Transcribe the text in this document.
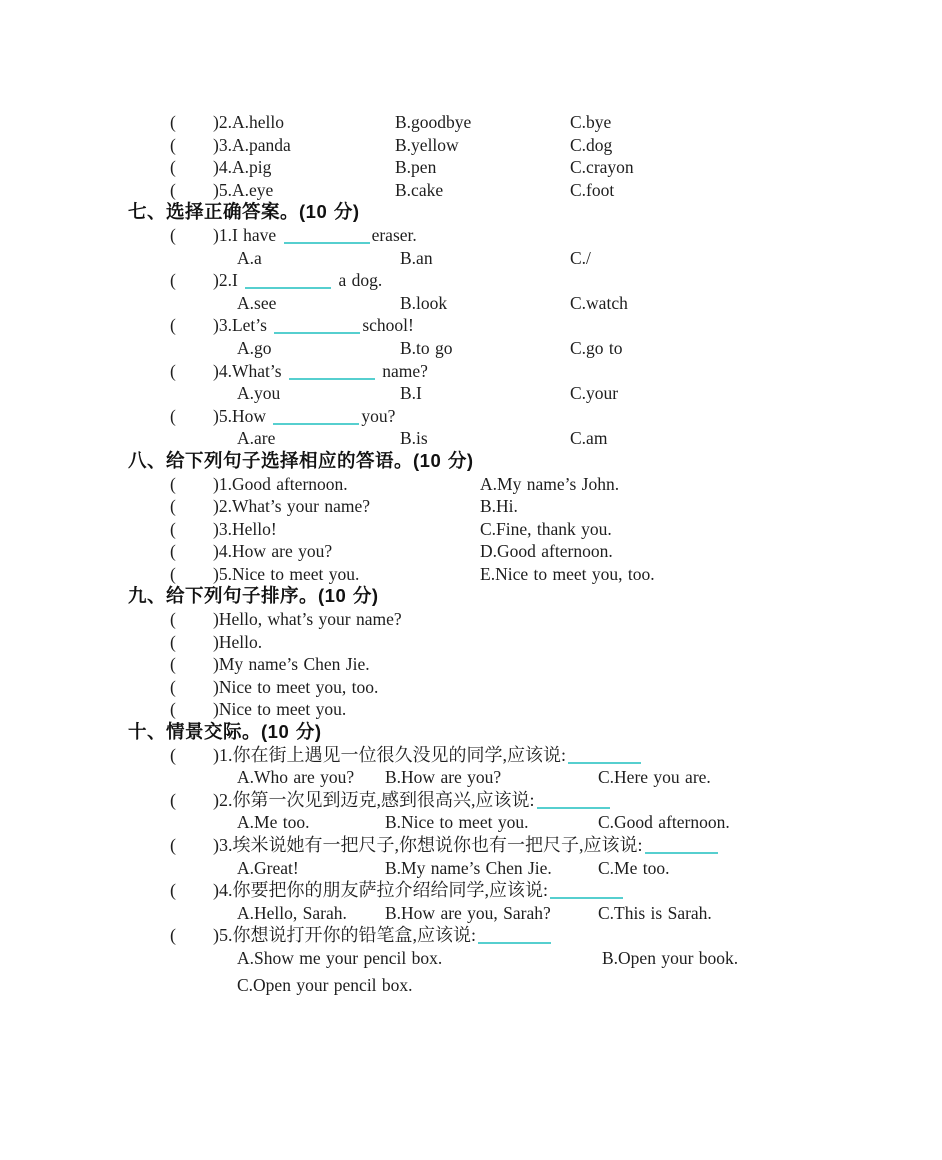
( )2.A.hello	B.goodbye	C.bye
( )3.A.panda	B.yellow	C.dog
( )4.A.pig	B.pen	C.crayon
( )5.A.eye	B.cake	C.foot
七、选择正确答案。(10 分)
( )1.I have	eraser.
A.a	B.an	C./
( )2.I	a dog.
A.see	B.look	C.watch
( )3.Let’s	school!
A.go	B.to go	C.go to
( )4.What’s	name?
A.you	B.I	C.your
( )5.How	you?
A.are	B.is	C.am
八、给下列句子选择相应的答语。(10 分)
( )1.Good afternoon.	A.My name’s John.
( )2.What’s your name?	B.Hi.
( )3.Hello!	C.Fine, thank you.
( )4.How are you?	D.Good afternoon.
( )5.Nice to meet you.	E.Nice to meet you, too.
九、给下列句子排序。(10 分)
( )Hello, what’s your name?
( )Hello.
( )My name’s Chen Jie.
( )Nice to meet you, too.
( )Nice to meet you.
十、情景交际。(10 分)
( )1.你在街上遇见一位很久没见的同学,应该说:
A.Who are you? B.How are you?	C.Here you are.
( )2.你第一次见到迈克,感到很高兴,应该说:
A.Me too.	B.Nice to meet you.	C.Good afternoon.
( )3.埃米说她有一把尺子,你想说你也有一把尺子,应该说:
A.Great!	B.My name’s Chen Jie.	C.Me too.
( )4.你要把你的朋友萨拉介绍给同学,应该说:
A.Hello, Sarah. B.How are you, Sarah?	C.This is Sarah.
( )5.你想说打开你的铅笔盒,应该说:
A.Show me your pencil box.	B.Open your book.
C.Open your pencil box.
